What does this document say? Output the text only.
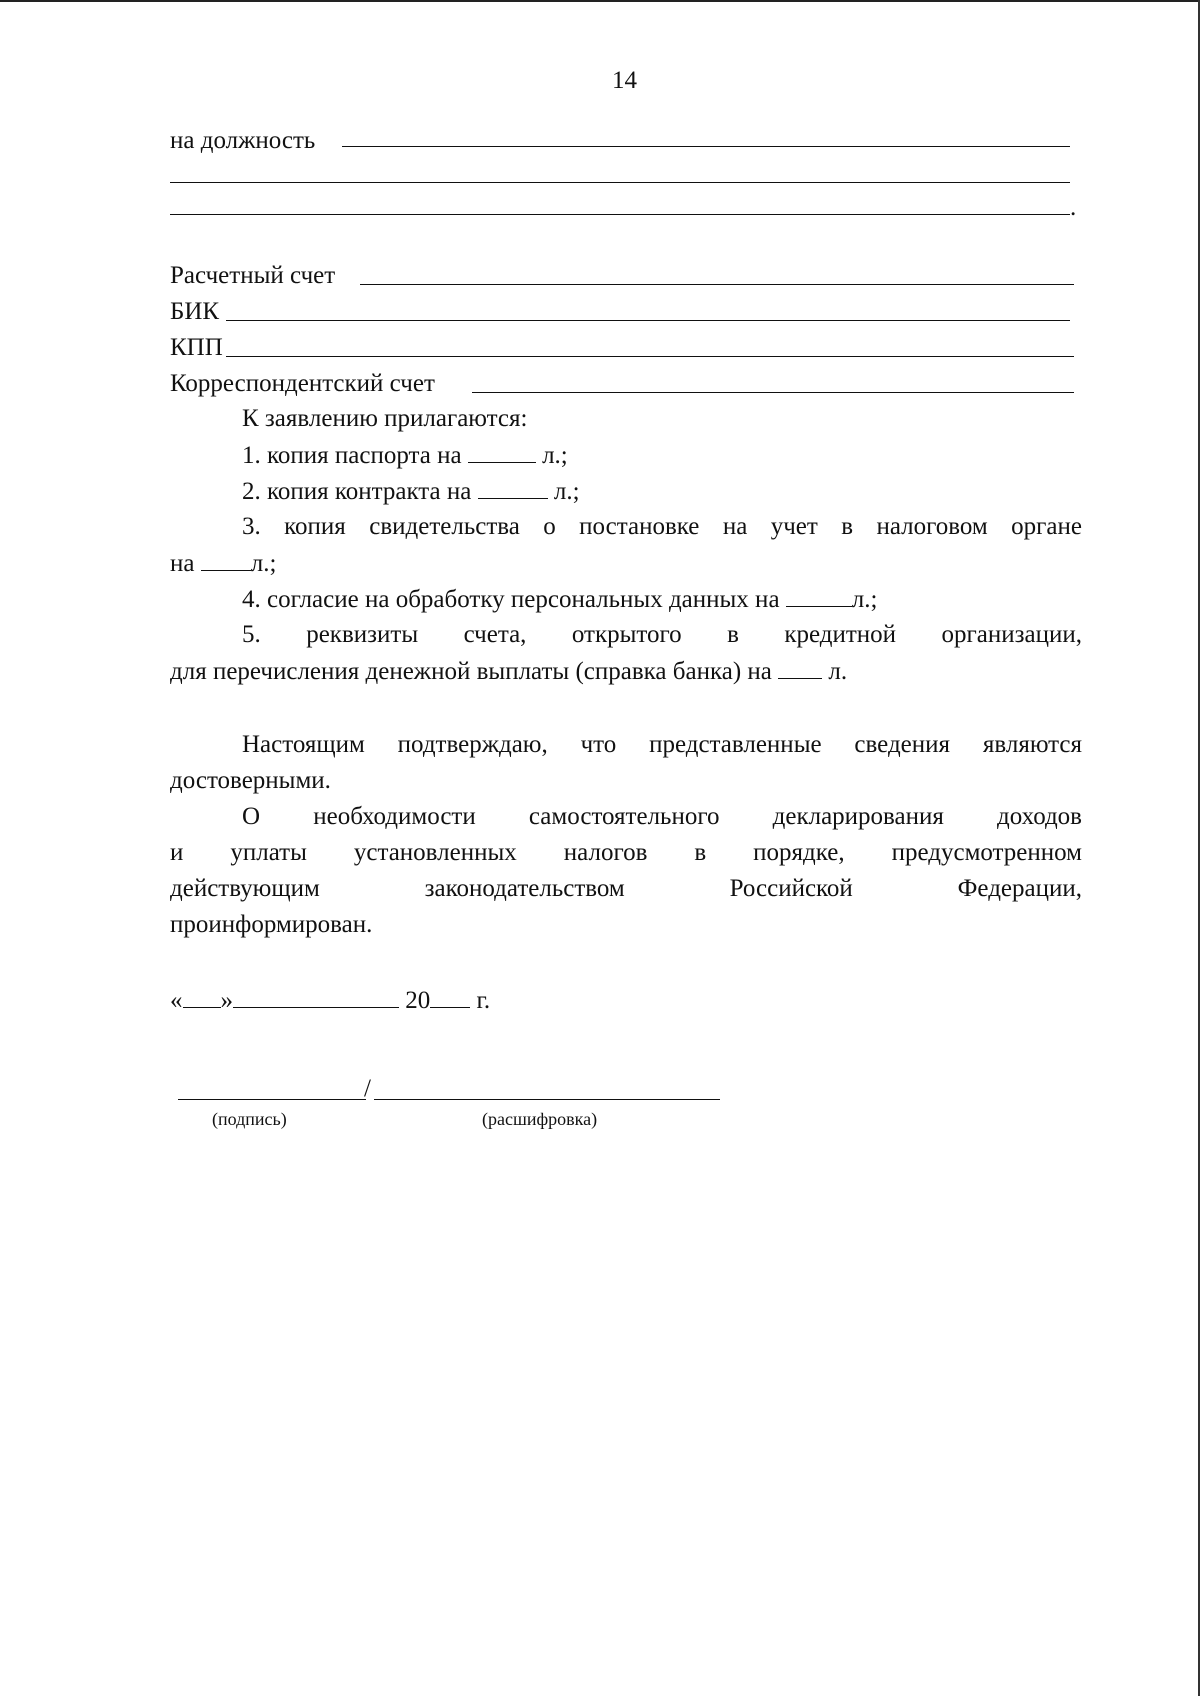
14
на должность
.
Расчетный счет
БИК
КПП
Корреспондентский счет
К заявлению прилагаются:
1. копия паспорта на	л.;
2. копия контракта на	л.;
3. копия свидетельства о постановке на учет в налоговом органе
на л.;
4. согласие на обработку персональных данных на	л.;
5. реквизиты счета, открытого в кредитной организации,
для перечисления денежной выплаты (справка банка) на л.
Настоящим подтверждаю, что представленные сведения являются
достоверными.
О необходимости самостоятельного декларирования доходов
и уплаты установленных налогов в порядке, предусмотренном
действующим законодательством Российской Федерации,
проинформирован.
« »	20 г.
/
(подпись)	(расшифровка)
